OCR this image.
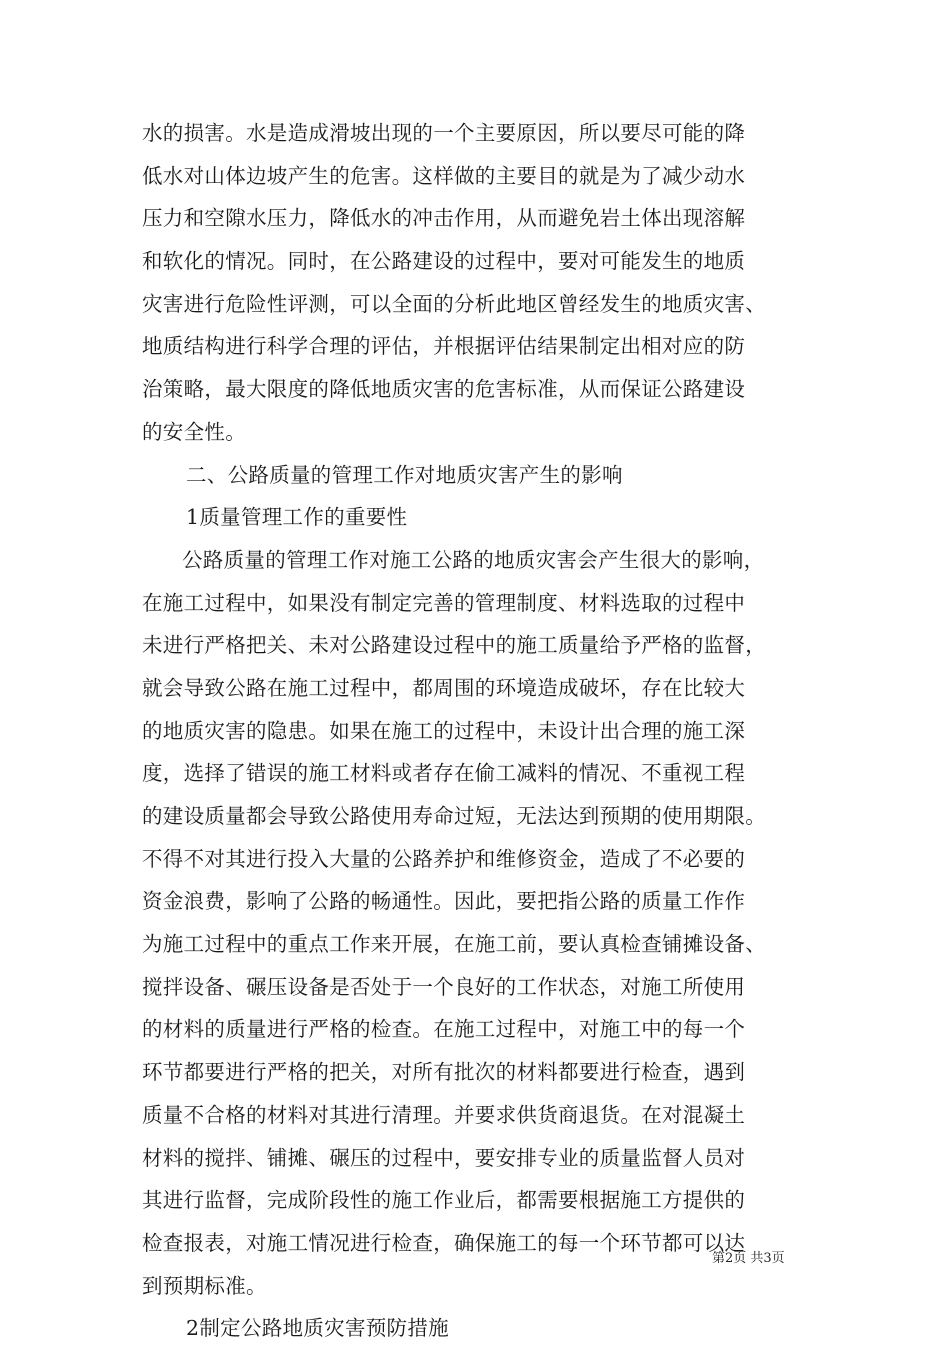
水的损害。水是造成滑坡出现的一个主要原因，所以要尽可能的降
低水对山体边坡产生的危害。这样做的主要目的就是为了减少动水
压力和空隙水压力，降低水的冲击作用，从而避免岩土体出现溶解
和软化的情况。同时，在公路建设的过程中，要对可能发生的地质
灾害进行危险性评测，可以全面的分析此地区曾经发生的地质灾害、
地质结构进行科学合理的评估，并根据评估结果制定出相对应的防
治策略，最大限度的降低地质灾害的危害标准，从而保证公路建设
的安全性。
二、公路质量的管理工作对地质灾害产生的影响
1质量管理工作的重要性
公路质量的管理工作对施工公路的地质灾害会产生很大的影响，
在施工过程中，如果没有制定完善的管理制度、材料选取的过程中
未进行严格把关、未对公路建设过程中的施工质量给予严格的监督，
就会导致公路在施工过程中，都周围的环境造成破坏，存在比较大
的地质灾害的隐患。如果在施工的过程中，未设计出合理的施工深
度，选择了错误的施工材料或者存在偷工减料的情况、不重视工程
的建设质量都会导致公路使用寿命过短，无法达到预期的使用期限。
不得不对其进行投入大量的公路养护和维修资金，造成了不必要的
资金浪费，影响了公路的畅通性。因此，要把指公路的质量工作作
为施工过程中的重点工作来开展，在施工前，要认真检查铺摊设备、
搅拌设备、碾压设备是否处于一个良好的工作状态，对施工所使用
的材料的质量进行严格的检查。在施工过程中，对施工中的每一个
环节都要进行严格的把关，对所有批次的材料都要进行检查，遇到
质量不合格的材料对其进行清理。并要求供货商退货。在对混凝土
材料的搅拌、铺摊、碾压的过程中，要安排专业的质量监督人员对
其进行监督，完成阶段性的施工作业后，都需要根据施工方提供的
检查报表，对施工情况进行检查，确保施工的每一个环节都可以达
到预期标准。
2制定公路地质灾害预防措施
第2页 共3页
